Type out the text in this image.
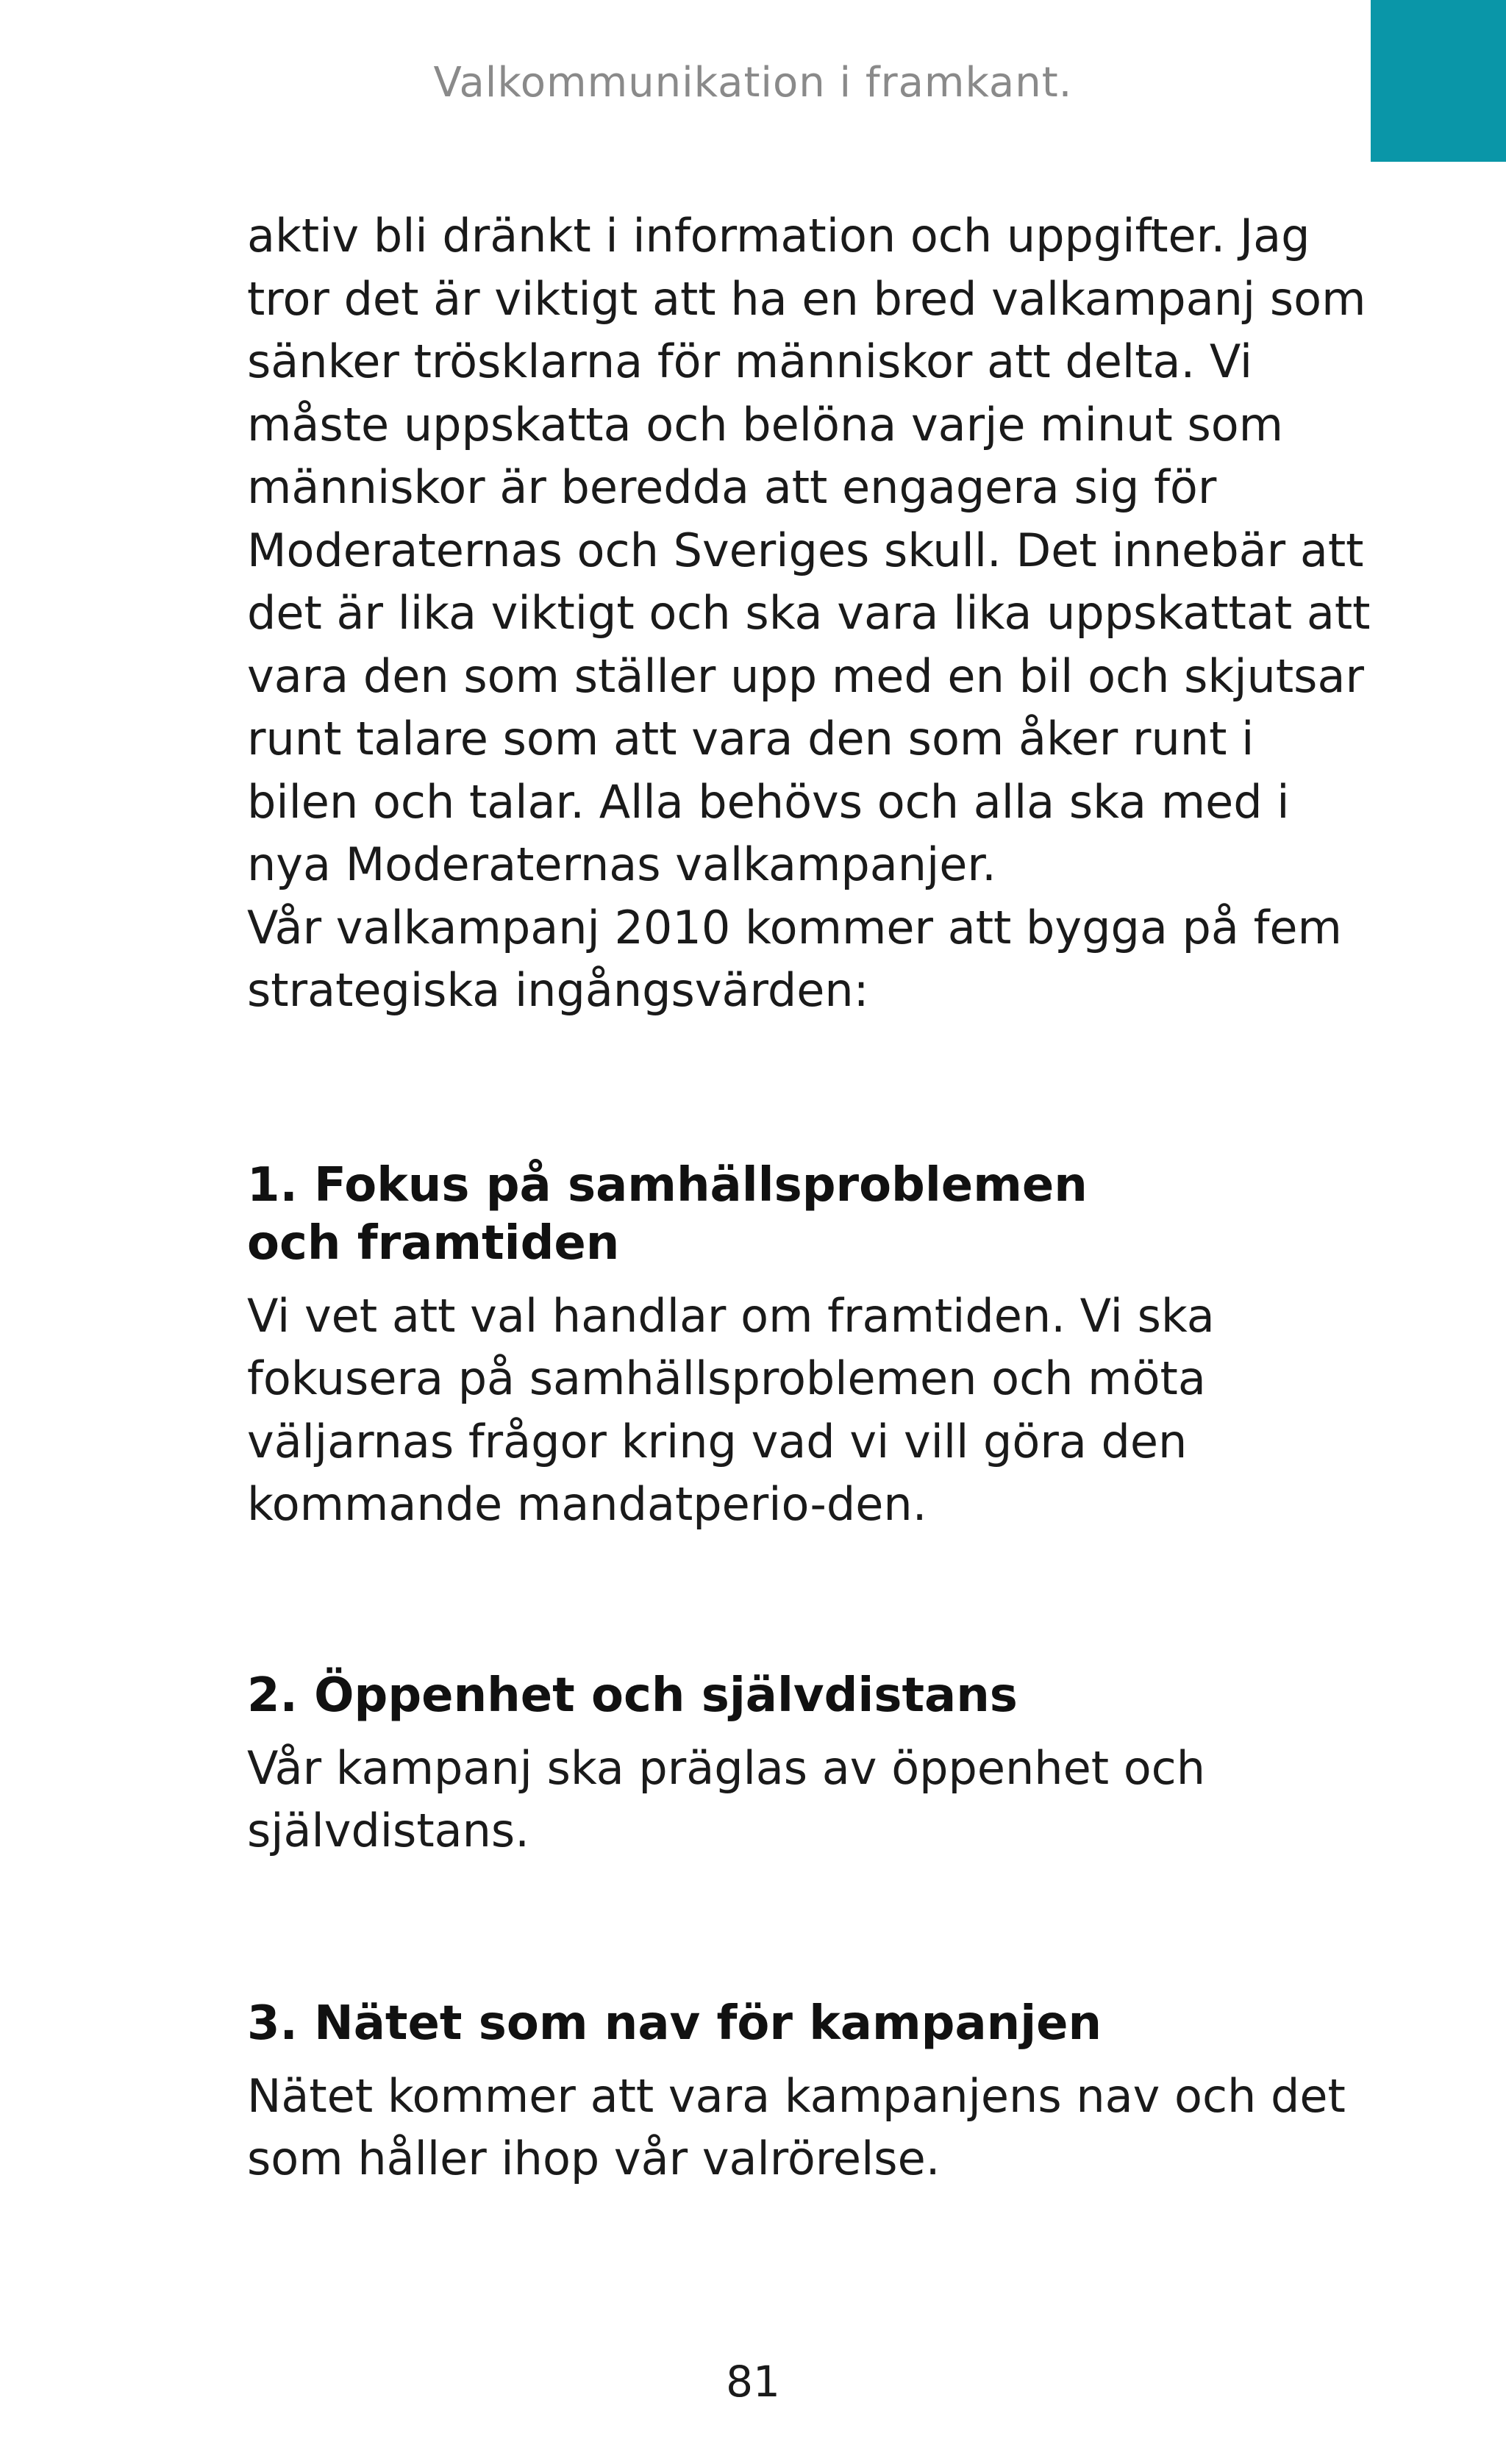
Valkommunikation i framkant.

aktiv bli dränkt i information och uppgifter. Jag tror det är viktigt att ha en bred valkampanj som sänker trösklarna för människor att delta. Vi måste uppskatta och belöna varje minut som människor är beredda att engagera sig för Moderaternas och Sveriges skull. Det innebär att det är lika viktigt och ska vara lika uppskattat att vara den som ställer upp med en bil och skjutsar runt talare som att vara den som åker runt i bilen och talar. Alla behövs och alla ska med i nya Moderaternas valkampanjer.

Vår valkampanj 2010 kommer att bygga på fem strategiska ingångsvärden:

1. Fokus på samhällsproblemen
och framtiden

Vi vet att val handlar om framtiden. Vi ska fokusera på samhällsproblemen och möta väljarnas frågor kring vad vi vill göra den kommande mandatperio-den.

2. Öppenhet och självdistans

Vår kampanj ska präglas av öppenhet och självdistans.

3. Nätet som nav för kampanjen

Nätet kommer att vara kampanjens nav och det som håller ihop vår valrörelse.

81
